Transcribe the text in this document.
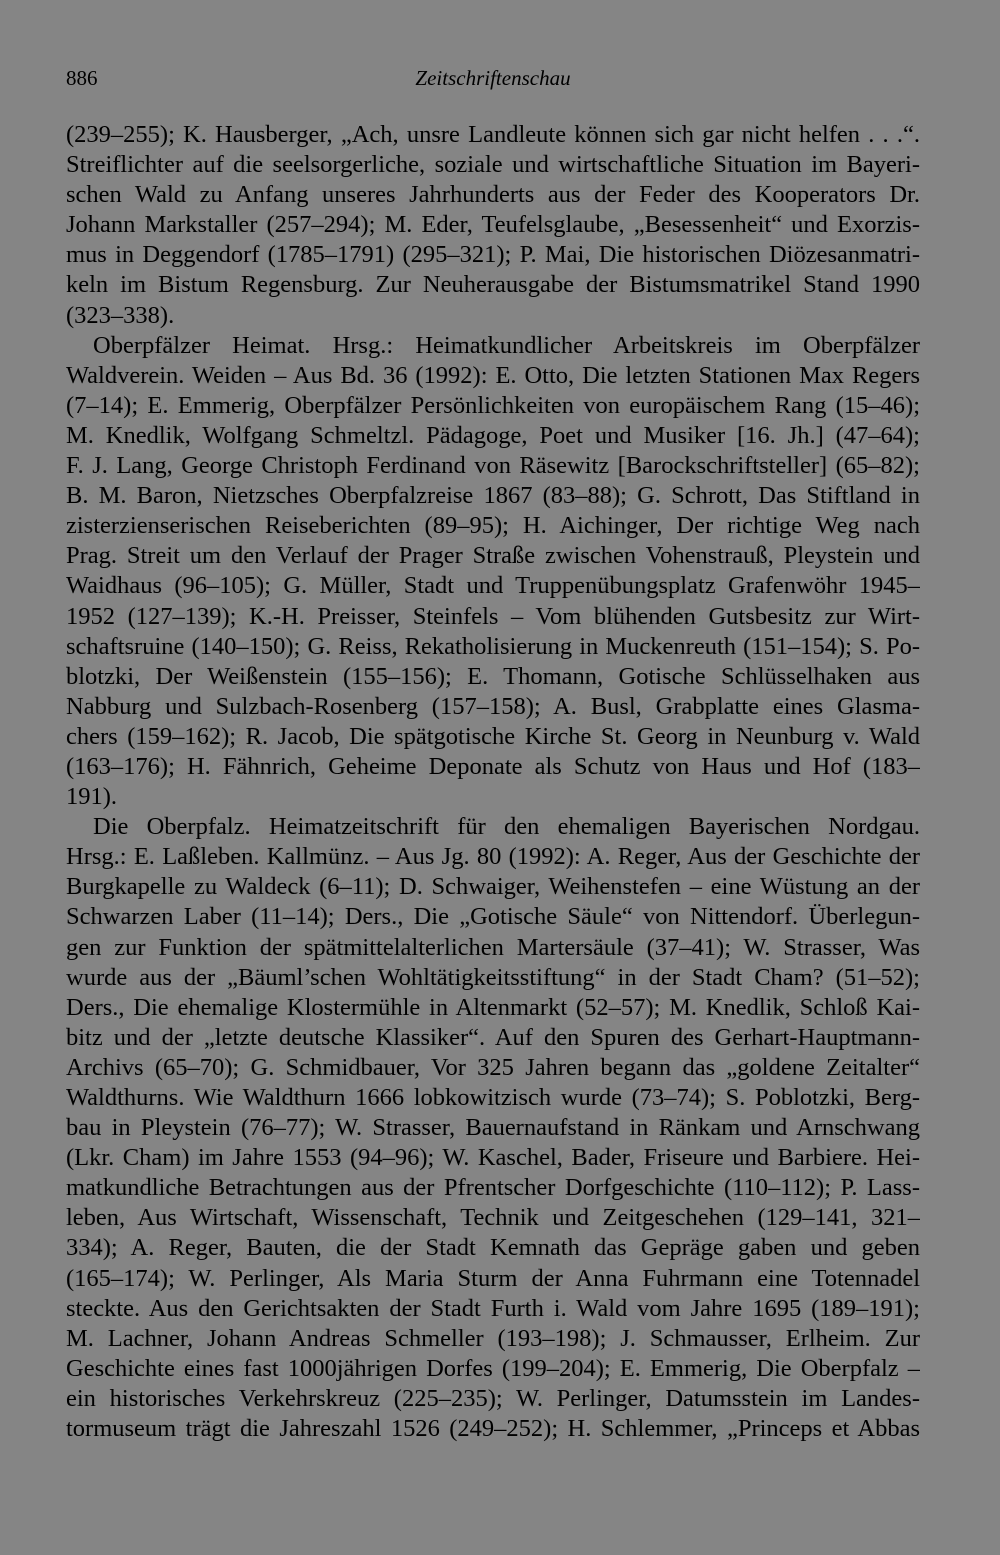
886	Zeitschriftenschau
(239–255); K. Hausberger, „Ach, unsre Landleute können sich gar nicht helfen . . .“.
Streiflichter auf die seelsorgerliche, soziale und wirtschaftliche Situation im Bayeri-
schen Wald zu Anfang unseres Jahrhunderts aus der Feder des Kooperators Dr.
Johann Markstaller (257–294); M. Eder, Teufelsglaube, „Besessenheit“ und Exorzis-
mus in Deggendorf (1785–1791) (295–321); P. Mai, Die historischen Diözesanmatri-
keln im Bistum Regensburg. Zur Neuherausgabe der Bistumsmatrikel Stand 1990
(323–338).
Oberpfälzer Heimat. Hrsg.: Heimatkundlicher Arbeitskreis im Oberpfälzer
Waldverein. Weiden – Aus Bd. 36 (1992): E. Otto, Die letzten Stationen Max Regers
(7–14); E. Emmerig, Oberpfälzer Persönlichkeiten von europäischem Rang (15–46);
M. Knedlik, Wolfgang Schmeltzl. Pädagoge, Poet und Musiker [16. Jh.] (47–64);
F. J. Lang, George Christoph Ferdinand von Räsewitz [Barockschriftsteller] (65–82);
B. M. Baron, Nietzsches Oberpfalzreise 1867 (83–88); G. Schrott, Das Stiftland in
zisterzienserischen Reiseberichten (89–95); H. Aichinger, Der richtige Weg nach
Prag. Streit um den Verlauf der Prager Straße zwischen Vohenstrauß, Pleystein und
Waidhaus (96–105); G. Müller, Stadt und Truppenübungsplatz Grafenwöhr 1945–
1952 (127–139); K.-H. Preisser, Steinfels – Vom blühenden Gutsbesitz zur Wirt-
schaftsruine (140–150); G. Reiss, Rekatholisierung in Muckenreuth (151–154); S. Po-
blotzki, Der Weißenstein (155–156); E. Thomann, Gotische Schlüsselhaken aus
Nabburg und Sulzbach-Rosenberg (157–158); A. Busl, Grabplatte eines Glasma-
chers (159–162); R. Jacob, Die spätgotische Kirche St. Georg in Neunburg v. Wald
(163–176); H. Fähnrich, Geheime Deponate als Schutz von Haus und Hof (183–
191).
Die Oberpfalz. Heimatzeitschrift für den ehemaligen Bayerischen Nordgau.
Hrsg.: E. Laßleben. Kallmünz. – Aus Jg. 80 (1992): A. Reger, Aus der Geschichte der
Burgkapelle zu Waldeck (6–11); D. Schwaiger, Weihenstefen – eine Wüstung an der
Schwarzen Laber (11–14); Ders., Die „Gotische Säule“ von Nittendorf. Überlegun-
gen zur Funktion der spätmittelalterlichen Martersäule (37–41); W. Strasser, Was
wurde aus der „Bäuml’schen Wohltätigkeitsstiftung“ in der Stadt Cham? (51–52);
Ders., Die ehemalige Klostermühle in Altenmarkt (52–57); M. Knedlik, Schloß Kai-
bitz und der „letzte deutsche Klassiker“. Auf den Spuren des Gerhart-Hauptmann-
Archivs (65–70); G. Schmidbauer, Vor 325 Jahren begann das „goldene Zeitalter“
Waldthurns. Wie Waldthurn 1666 lobkowitzisch wurde (73–74); S. Poblotzki, Berg-
bau in Pleystein (76–77); W. Strasser, Bauernaufstand in Ränkam und Arnschwang
(Lkr. Cham) im Jahre 1553 (94–96); W. Kaschel, Bader, Friseure und Barbiere. Hei-
matkundliche Betrachtungen aus der Pfrentscher Dorfgeschichte (110–112); P. Lass-
leben, Aus Wirtschaft, Wissenschaft, Technik und Zeitgeschehen (129–141, 321–
334); A. Reger, Bauten, die der Stadt Kemnath das Gepräge gaben und geben
(165–174); W. Perlinger, Als Maria Sturm der Anna Fuhrmann eine Totennadel
steckte. Aus den Gerichtsakten der Stadt Furth i. Wald vom Jahre 1695 (189–191);
M. Lachner, Johann Andreas Schmeller (193–198); J. Schmausser, Erlheim. Zur
Geschichte eines fast 1000jährigen Dorfes (199–204); E. Emmerig, Die Oberpfalz –
ein historisches Verkehrskreuz (225–235); W. Perlinger, Datumsstein im Landes-
tormuseum trägt die Jahreszahl 1526 (249–252); H. Schlemmer, „Princeps et Abbas
